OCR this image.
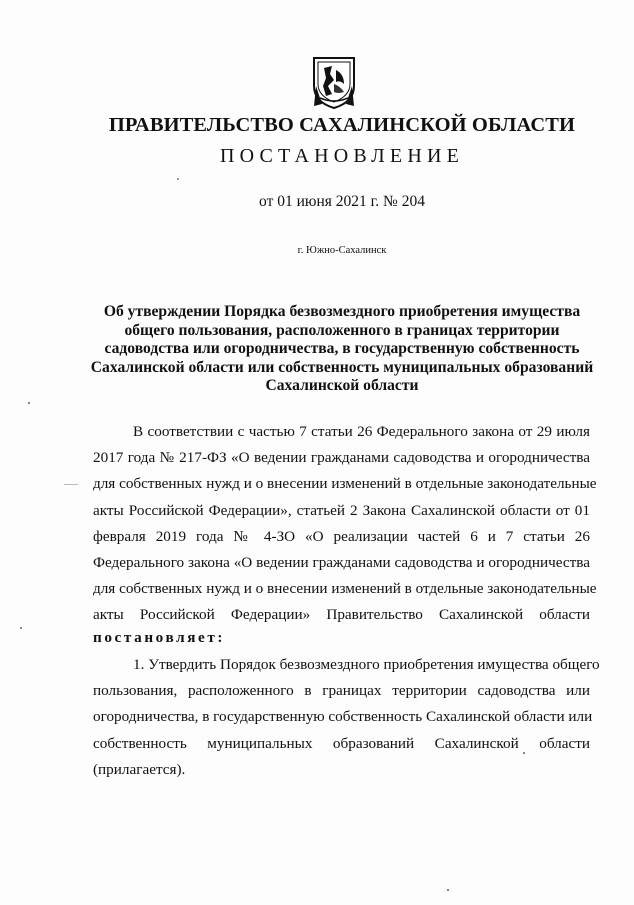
ПРАВИТЕЛЬСТВО САХАЛИНСКОЙ ОБЛАСТИ
ПОСТАНОВЛЕНИЕ
от 01 июня 2021 г. № 204
г. Южно-Сахалинск
Об утверждении Порядка безвозмездного приобретения имущества
общего пользования, расположенного в границах территории
садоводства или огородничества, в государственную собственность
Сахалинской области или собственность муниципальных образований
Сахалинской области
В соответствии с частью 7 статьи 26 Федерального закона от 29 июля
2017 года № 217-ФЗ «О ведении гражданами садоводства и огородничества
для собственных нужд и о внесении изменений в отдельные законодательные
акты Российской Федерации», статьей 2 Закона Сахалинской области от 01
февраля 2019 года № 4-ЗО «О реализации частей 6 и 7 статьи 26
Федерального закона «О ведении гражданами садоводства и огородничества
для собственных нужд и о внесении изменений в отдельные законодательные
акты Российской Федерации» Правительство Сахалинской области
постановляет:
1. Утвердить Порядок безвозмездного приобретения имущества общего
пользования, расположенного в границах территории садоводства или
огородничества, в государственную собственность Сахалинской области или
собственность муниципальных образований Сахалинской области
(прилагается).
